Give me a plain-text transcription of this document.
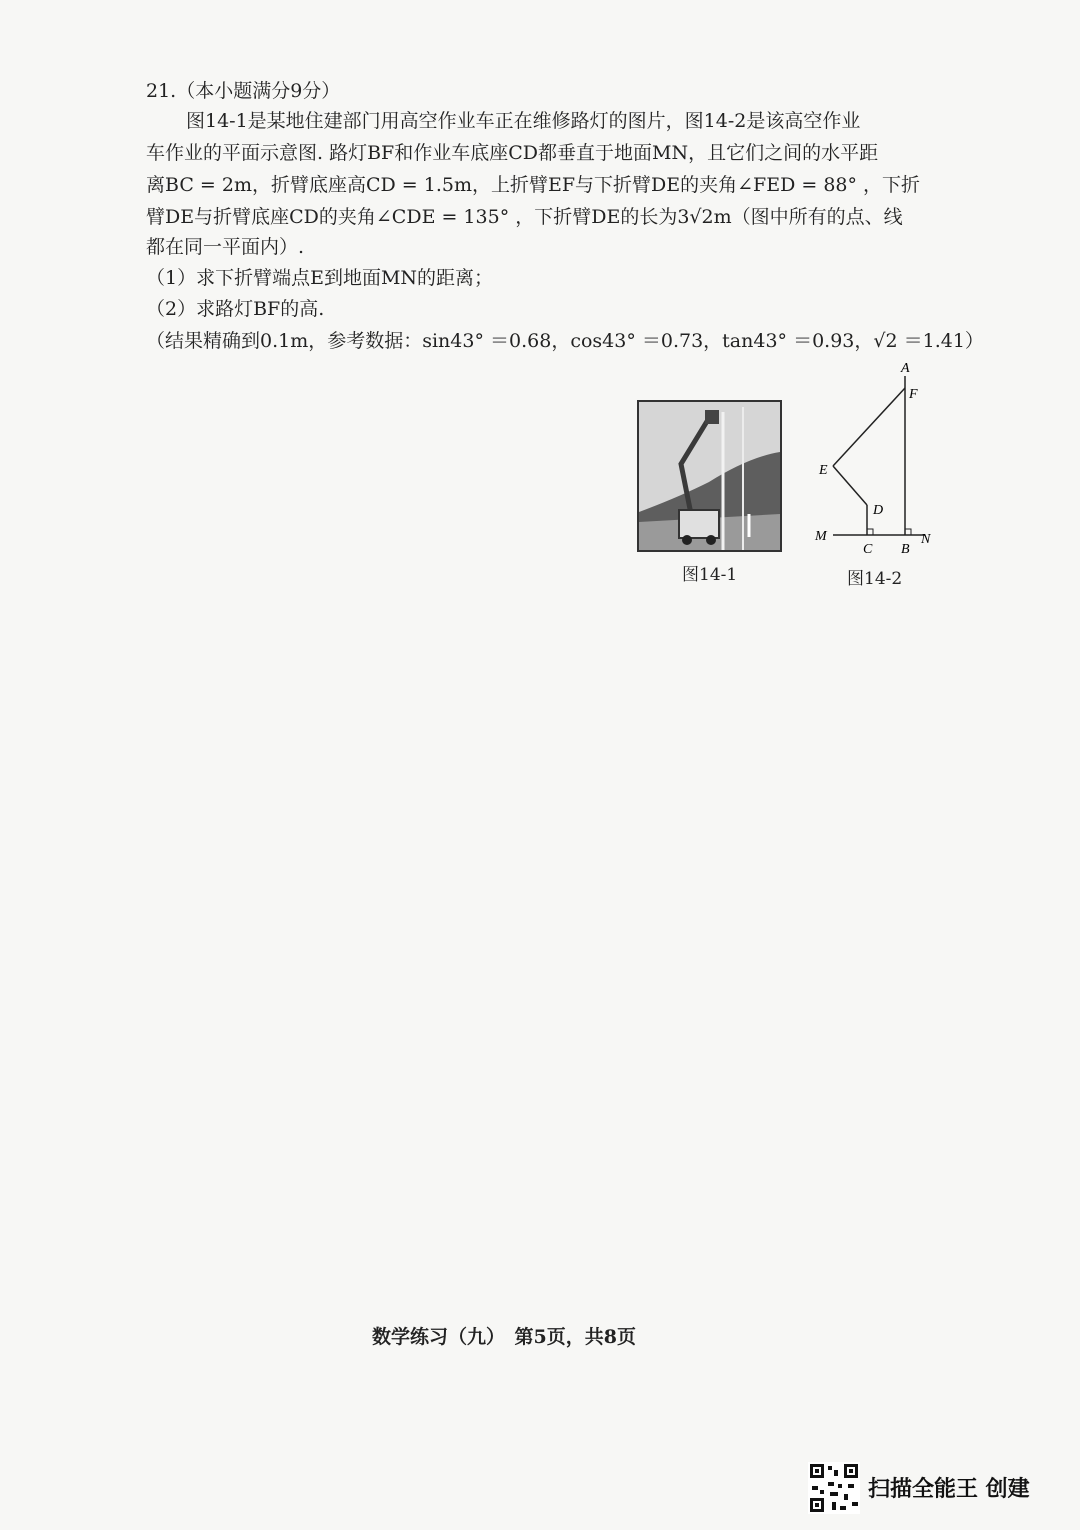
21.（本小题满分9分）
图14-1是某地住建部门用高空作业车正在维修路灯的图片，图14-2是该高空作业
车作业的平面示意图. 路灯BF和作业车底座CD都垂直于地面MN，且它们之间的水平距
离BC = 2m，折臂底座高CD = 1.5m，上折臂EF与下折臂DE的夹角∠FED = 88° ，下折
臂DE与折臂底座CD的夹角∠CDE = 135° ，下折臂DE的长为3√2m（图中所有的点、线
都在同一平面内）.
（1）求下折臂端点E到地面MN的距离；
（2）求路灯BF的高.
（结果精确到0.1m，参考数据：sin43° ＝0.68，cos43° ＝0.73，tan43° ＝0.93，√2 ＝1.41）
图14-1
A
F
E
D
M
C B
N
图14-2
数学练习（九）　第5页，共8页
扫描全能王 创建
